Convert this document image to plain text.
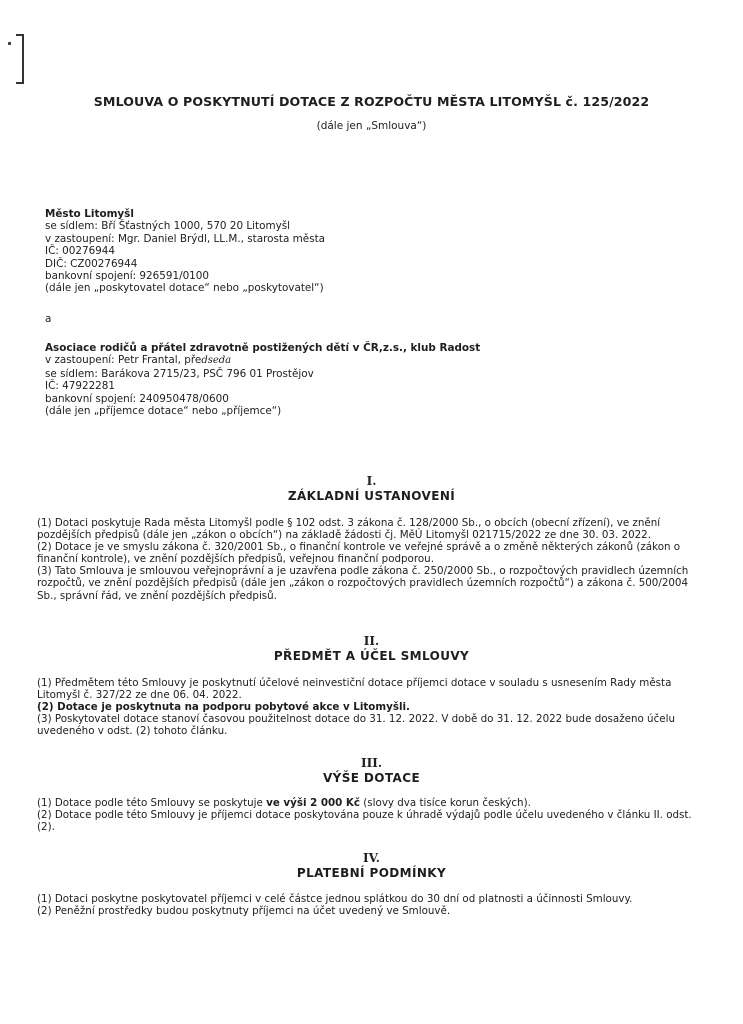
SMLOUVA O POSKYTNUTÍ DOTACE Z ROZPOČTU MĚSTA LITOMYŠL č. 125/2022
(dále jen „Smlouva“)
Město Litomyšl
se sídlem: Bří Šťastných 1000, 570 20 Litomyšl
v zastoupení: Mgr. Daniel Brýdl, LL.M., starosta města
IČ: 00276944
DIČ: CZ00276944
bankovní spojení: 926591/0100
(dále jen „poskytovatel dotace“ nebo „poskytovatel“)
a
Asociace rodičů a přátel zdravotně postižených dětí v ČR,z.s., klub Radost
v zastoupení: Petr Frantal, předseda
se sídlem: Barákova 2715/23, PSČ 796 01 Prostějov
IČ: 47922281
bankovní spojení: 240950478/0600
(dále jen „příjemce dotace“ nebo „příjemce“)
I.
ZÁKLADNÍ USTANOVENÍ

(1) Dotaci poskytuje Rada města Litomyšl podle § 102 odst. 3 zákona č. 128/2000 Sb., o obcích (obecní zřízení), ve znění pozdějších předpisů (dále jen „zákon o obcích“) na základě žádosti čj. MěÚ Litomyšl 021715/2022 ze dne 30. 03. 2022.

(2) Dotace je ve smyslu zákona č. 320/2001 Sb., o finanční kontrole ve veřejné správě a o změně některých zákonů (zákon o finanční kontrole), ve znění pozdějších předpisů, veřejnou finanční podporou.

(3) Tato Smlouva je smlouvou veřejnoprávní a je uzavřena podle zákona č. 250/2000 Sb., o rozpočtových pravidlech územních rozpočtů, ve znění pozdějších předpisů (dále jen „zákon o rozpočtových pravidlech územních rozpočtů“) a zákona č. 500/2004 Sb., správní řád, ve znění pozdějších předpisů.

II.
PŘEDMĚT A ÚČEL SMLOUVY

(1) Předmětem této Smlouvy je poskytnutí účelové neinvestiční dotace příjemci dotace v souladu s usnesením Rady města Litomyšl č. 327/22 ze dne 06. 04. 2022.

(2) Dotace je poskytnuta na podporu pobytové akce v Litomyšli.

(3) Poskytovatel dotace stanoví časovou použitelnost dotace do 31. 12. 2022. V době do 31. 12. 2022 bude dosaženo účelu uvedeného v odst. (2) tohoto článku.

III.
VÝŠE DOTACE

(1) Dotace podle této Smlouvy se poskytuje ve výši 2 000 Kč (slovy dva tisíce korun českých).

(2) Dotace podle této Smlouvy je příjemci dotace poskytována pouze k úhradě výdajů podle účelu uvedeného v článku II. odst. (2).

IV.
PLATEBNÍ PODMÍNKY

(1) Dotaci poskytne poskytovatel příjemci v celé částce jednou splátkou do 30 dní od platnosti a účinnosti Smlouvy.

(2) Peněžní prostředky budou poskytnuty příjemci na účet uvedený ve Smlouvě.
